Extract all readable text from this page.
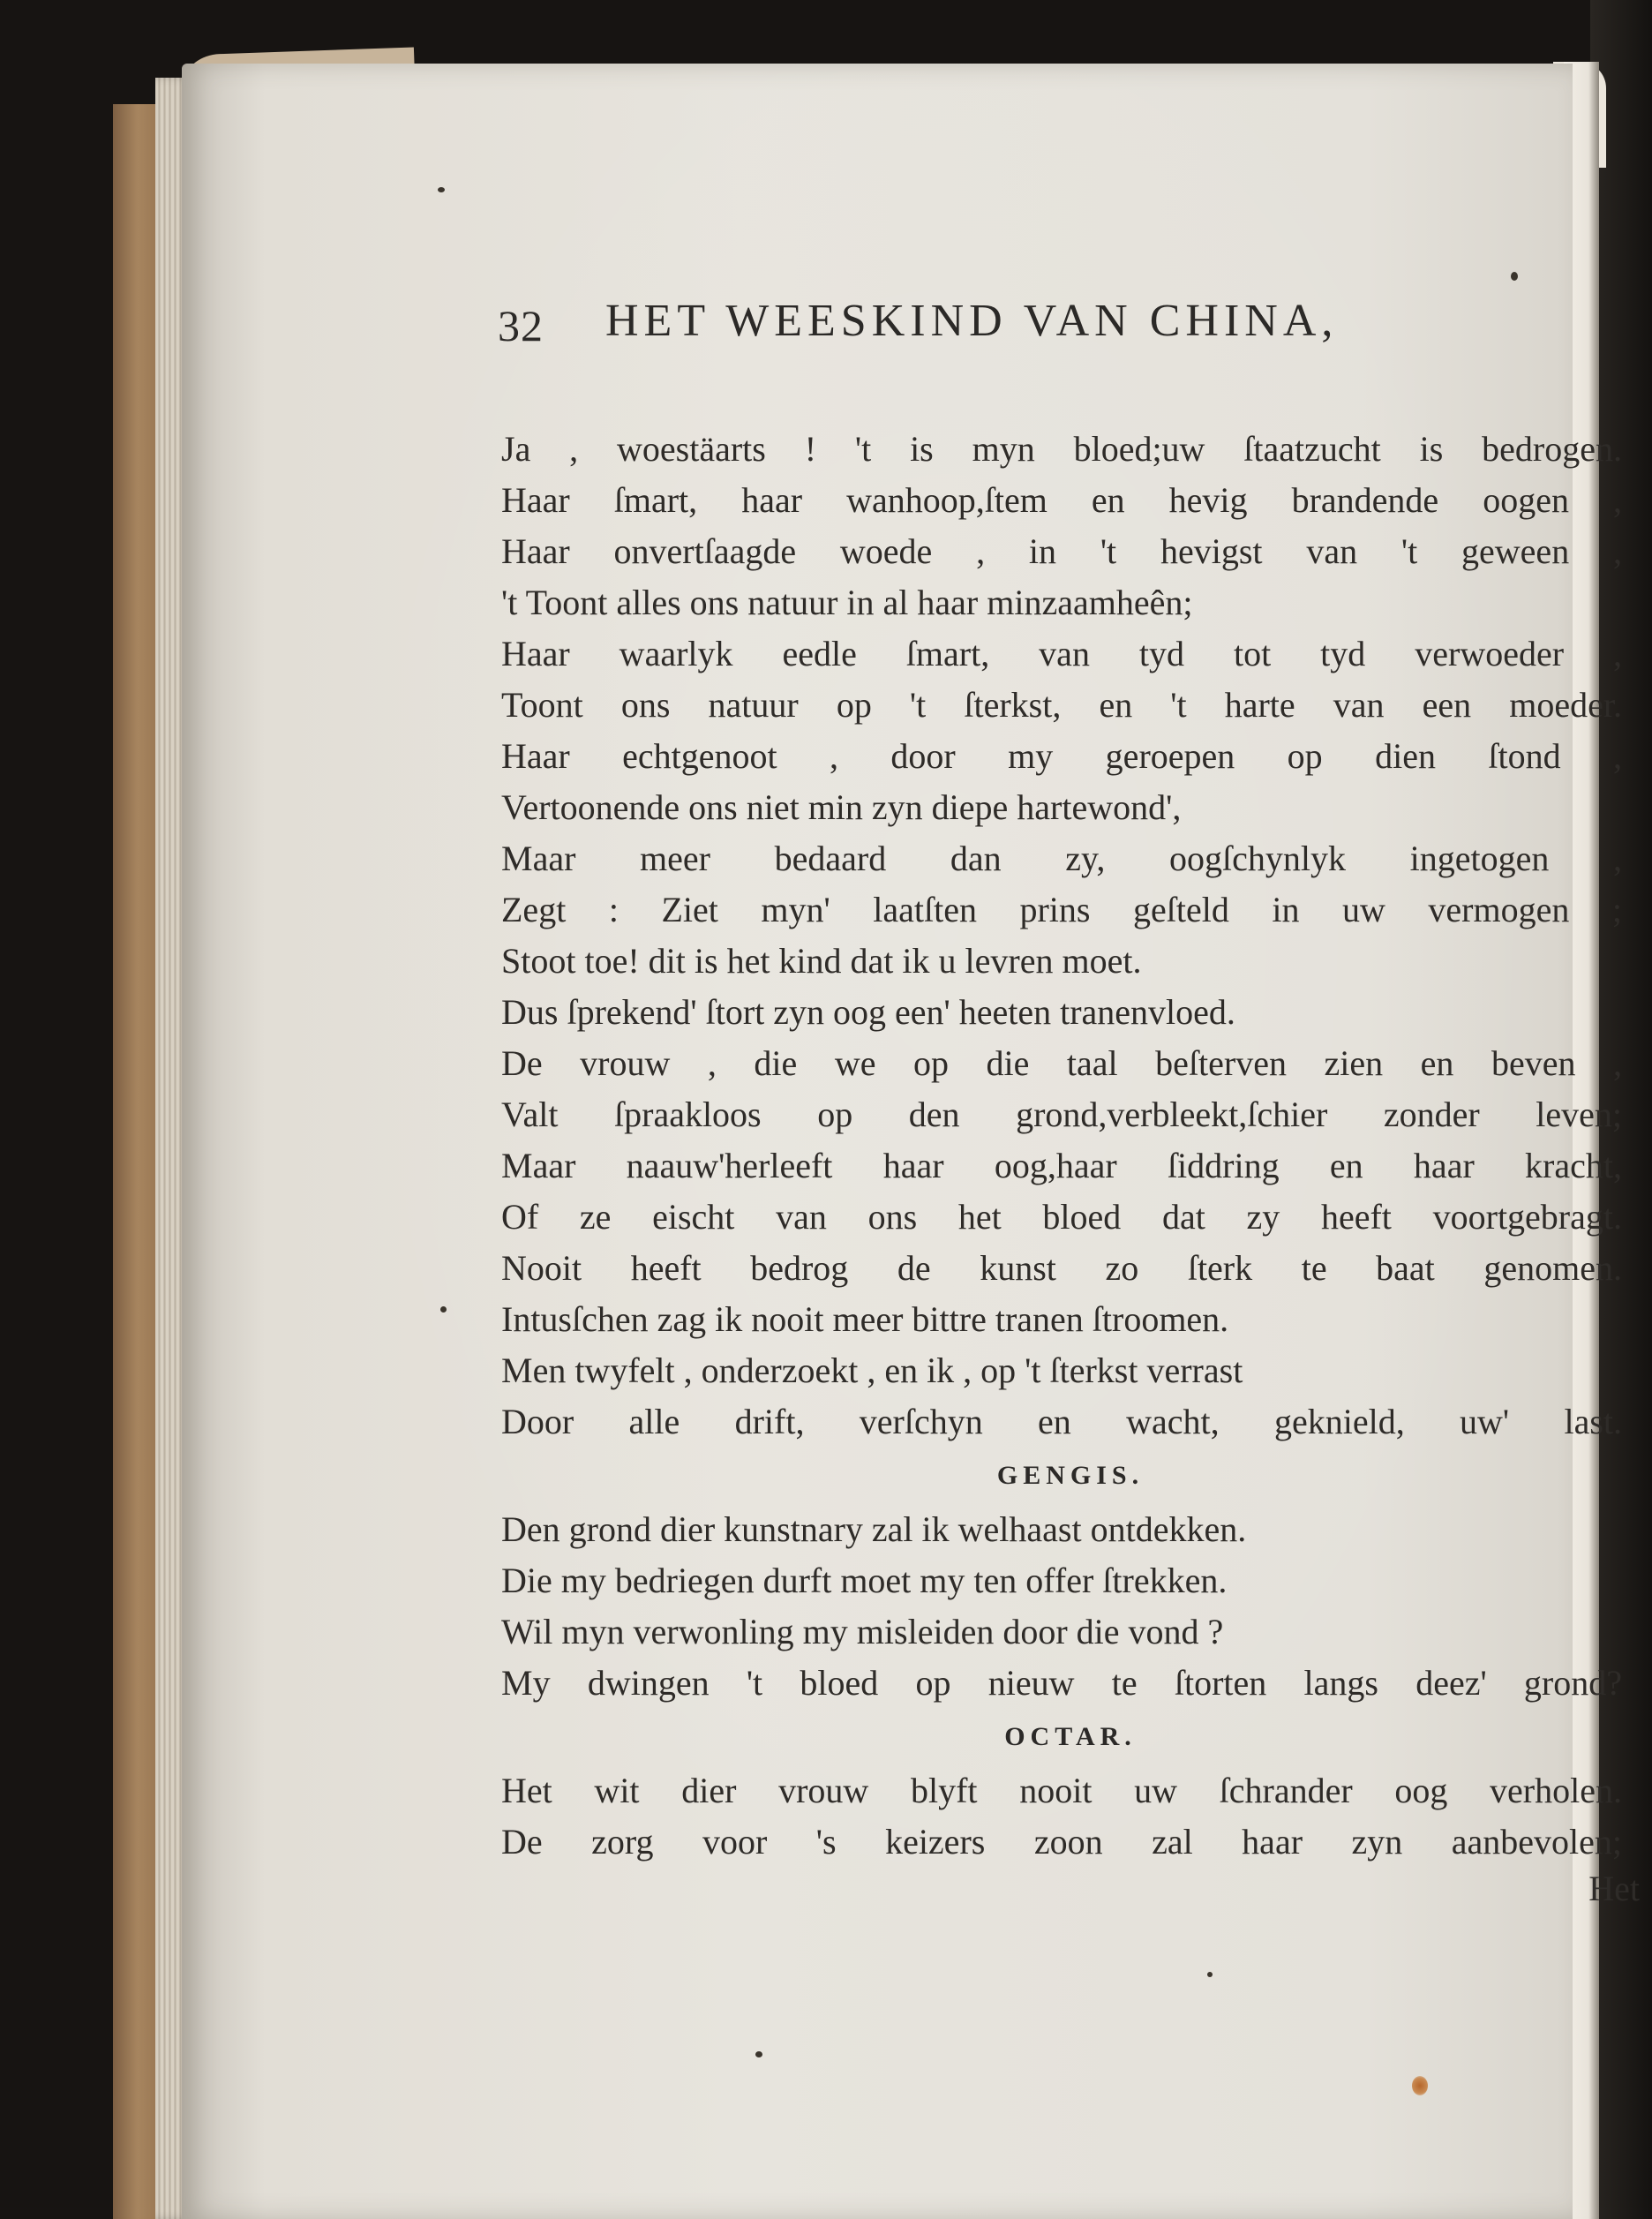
32 HET WEESKIND VAN CHINA,
Ja , woestäarts ! 't is myn bloed;uw ſtaatzucht is bedrogen.
Haar ſmart, haar wanhoop,ſtem en hevig brandende oogen ,
Haar onvertſaagde woede , in 't hevigst van 't geween ,
't Toont alles ons natuur in al haar minzaamheên;
Haar waarlyk eedle ſmart, van tyd tot tyd verwoeder ,
Toont ons natuur op 't ſterkst, en 't harte van een moeder.
Haar echtgenoot , door my geroepen op dien ſtond ,
Vertoonende ons niet min zyn diepe hartewond',
Maar meer bedaard dan zy, oogſchynlyk ingetogen ,
Zegt : Ziet myn' laatſten prins geſteld in uw vermogen ;
Stoot toe! dit is het kind dat ik u levren moet.
Dus ſprekend' ſtort zyn oog een' heeten tranenvloed.
De vrouw , die we op die taal beſterven zien en beven ,
Valt ſpraakloos op den grond,verbleekt,ſchier zonder leven;
Maar naauw'herleeft haar oog,haar ſiddring en haar kracht,
Of ze eischt van ons het bloed dat zy heeft voortgebragt.
Nooit heeft bedrog de kunst zo ſterk te baat genomen.
Intusſchen zag ik nooit meer bittre tranen ſtroomen.
Men twyfelt , onderzoekt , en ik , op 't ſterkst verrast
Door alle drift, verſchyn en wacht, geknield, uw' last.
GENGIS.
Den grond dier kunstnary zal ik welhaast ontdekken.
Die my bedriegen durft moet my ten offer ſtrekken.
Wil myn verwonling my misleiden door die vond ?
My dwingen 't bloed op nieuw te ſtorten langs deez' grond?
OCTAR.
Het wit dier vrouw blyft nooit uw ſchrander oog verholen.
De zorg voor 's keizers zoon zal haar zyn aanbevolen;
Het
